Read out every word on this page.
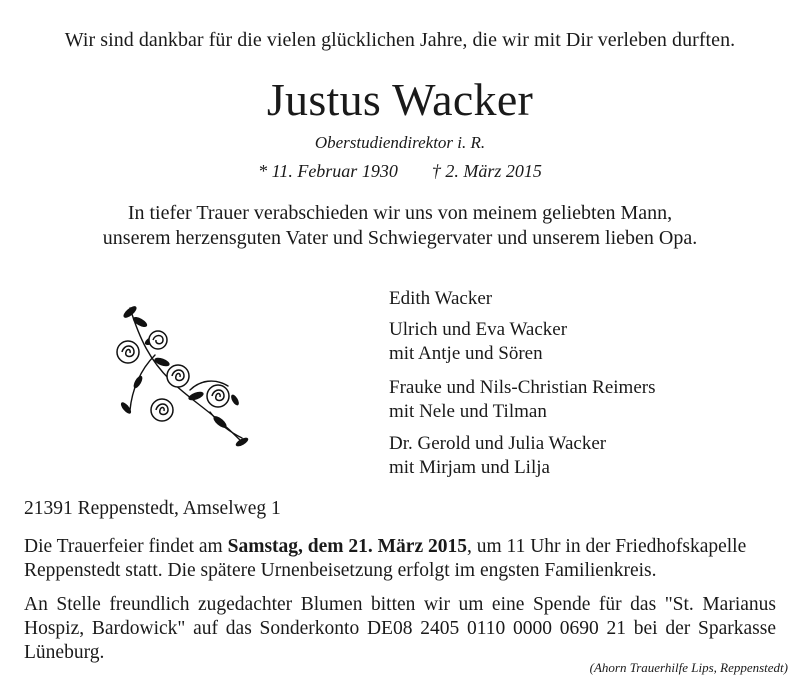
Wir sind dankbar für die vielen glücklichen Jahre, die wir mit Dir verleben durften.
Justus Wacker
Oberstudiendirektor i. R.
* 11. Februar 1930 † 2. März 2015
In tiefer Trauer verabschieden wir uns von meinem geliebten Mann,
unserem herzensguten Vater und Schwiegervater und unserem lieben Opa.
Edith Wacker
Ulrich und Eva Wacker
mit Antje und Sören
Frauke und Nils-Christian Reimers
mit Nele und Tilman
Dr. Gerold und Julia Wacker
mit Mirjam und Lilja
21391 Reppenstedt, Amselweg 1
Die Trauerfeier findet am Samstag, dem 21. März 2015, um 11 Uhr in der Friedhofskapelle Reppenstedt statt. Die spätere Urnenbeisetzung erfolgt im engsten Familienkreis.
An Stelle freundlich zugedachter Blumen bitten wir um eine Spende für das "St. Marianus Hospiz, Bardowick" auf das Sonderkonto DE08 2405 0110 0000 0690 21 bei der Sparkasse Lüneburg.
(Ahorn Trauerhilfe Lips, Reppenstedt)
